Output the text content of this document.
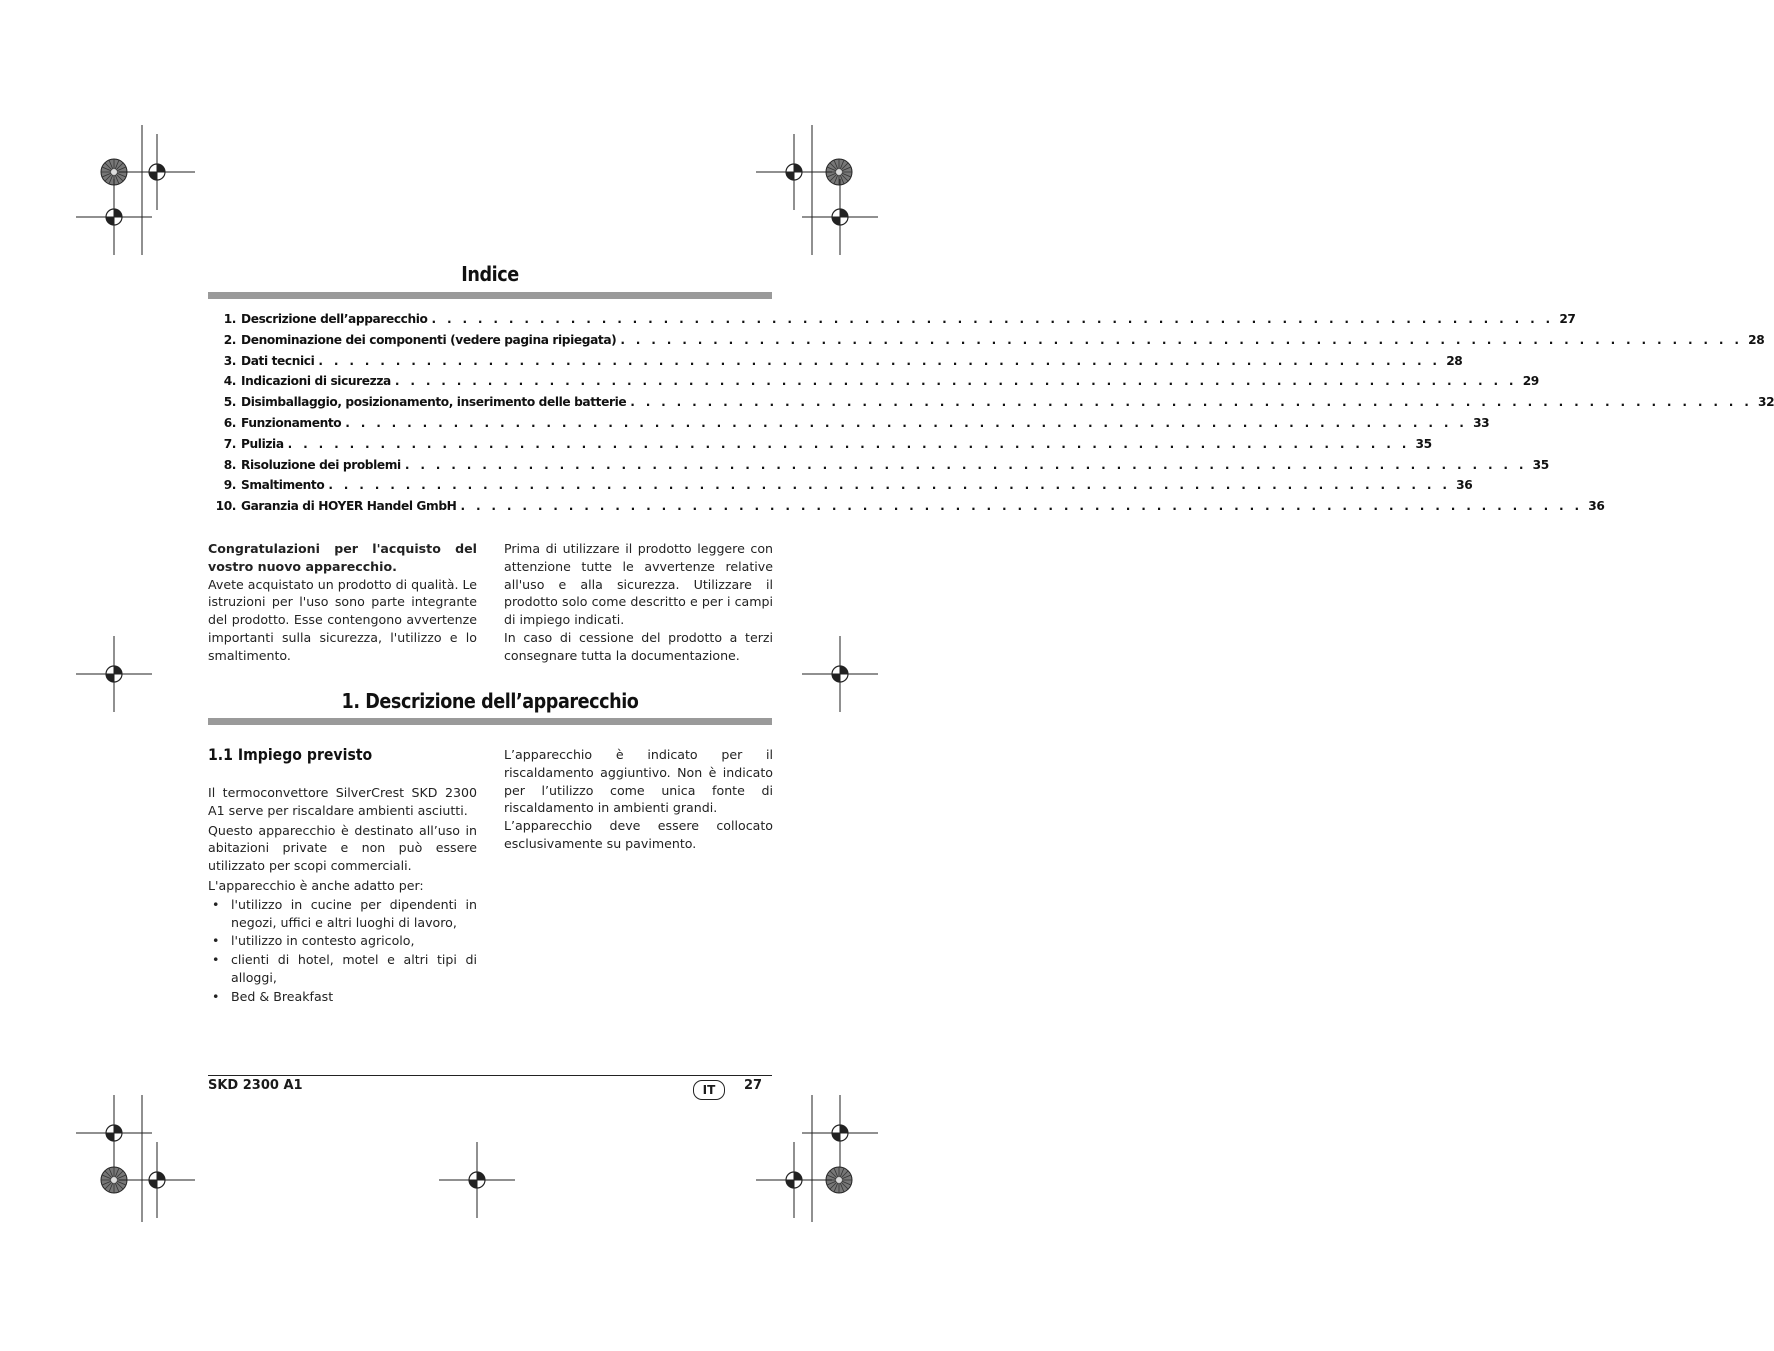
Indice
1. Descrizione dell’apparecchio . . . . . . . . . . . . . . . . . . . . . . . . . . . . . . . . . . . . . . . . . . . . . . . . . . . . . . . . . . . . . . . . . . . . . . . . . 27
2. Denominazione dei componenti (vedere pagina ripiegata) . . . . . . . . . . . . . . . . . . . . . . . . . . . . . . . . . . . . . . . . . . . . . . . . . . . . . . . . . . . . . . . . . . . . . . . . . 28
3. Dati tecnici . . . . . . . . . . . . . . . . . . . . . . . . . . . . . . . . . . . . . . . . . . . . . . . . . . . . . . . . . . . . . . . . . . . . . . . . . 28
4. Indicazioni di sicurezza . . . . . . . . . . . . . . . . . . . . . . . . . . . . . . . . . . . . . . . . . . . . . . . . . . . . . . . . . . . . . . . . . . . . . . . . . 29
5. Disimballaggio, posizionamento, inserimento delle batterie . . . . . . . . . . . . . . . . . . . . . . . . . . . . . . . . . . . . . . . . . . . . . . . . . . . . . . . . . . . . . . . . . . . . . . . . . 32
6. Funzionamento . . . . . . . . . . . . . . . . . . . . . . . . . . . . . . . . . . . . . . . . . . . . . . . . . . . . . . . . . . . . . . . . . . . . . . . . . 33
7. Pulizia . . . . . . . . . . . . . . . . . . . . . . . . . . . . . . . . . . . . . . . . . . . . . . . . . . . . . . . . . . . . . . . . . . . . . . . . . 35
8. Risoluzione dei problemi . . . . . . . . . . . . . . . . . . . . . . . . . . . . . . . . . . . . . . . . . . . . . . . . . . . . . . . . . . . . . . . . . . . . . . . . . 35
9. Smaltimento . . . . . . . . . . . . . . . . . . . . . . . . . . . . . . . . . . . . . . . . . . . . . . . . . . . . . . . . . . . . . . . . . . . . . . . . . 36
10. Garanzia di HOYER Handel GmbH . . . . . . . . . . . . . . . . . . . . . . . . . . . . . . . . . . . . . . . . . . . . . . . . . . . . . . . . . . . . . . . . . . . . . . . . . 36

Congratulazioni per l'acquisto del vostro nuovo apparecchio.

Avete acquistato un prodotto di qualità. Le istruzioni per l'uso sono parte integrante del prodotto. Esse contengono avvertenze importanti sulla sicurezza, l'utilizzo e lo smaltimento.

Prima di utilizzare il prodotto leggere con attenzione tutte le avvertenze relative all'uso e alla sicurezza. Utilizzare il prodotto solo come descritto e per i campi di impiego indicati.

In caso di cessione del prodotto a terzi consegnare tutta la documentazione.

1. Descrizione dell’apparecchio
1.1 Impiego previsto

Il termoconvettore SilverCrest SKD 2300 A1 serve per riscaldare ambienti asciutti.

Questo apparecchio è destinato all’uso in abitazioni private e non può essere utilizzato per scopi commerciali.

L'apparecchio è anche adatto per:

• l'utilizzo in cucine per dipendenti in negozi, uffici e altri luoghi di lavoro,
• l'utilizzo in contesto agricolo,
• clienti di hotel, motel e altri tipi di alloggi,
• Bed & Breakfast

L’apparecchio è indicato per il riscaldamento aggiuntivo. Non è indicato per l’utilizzo come unica fonte di riscaldamento in ambienti grandi.

L’apparecchio deve essere collocato esclusivamente su pavimento.

SKD 2300 A1	IT	27
